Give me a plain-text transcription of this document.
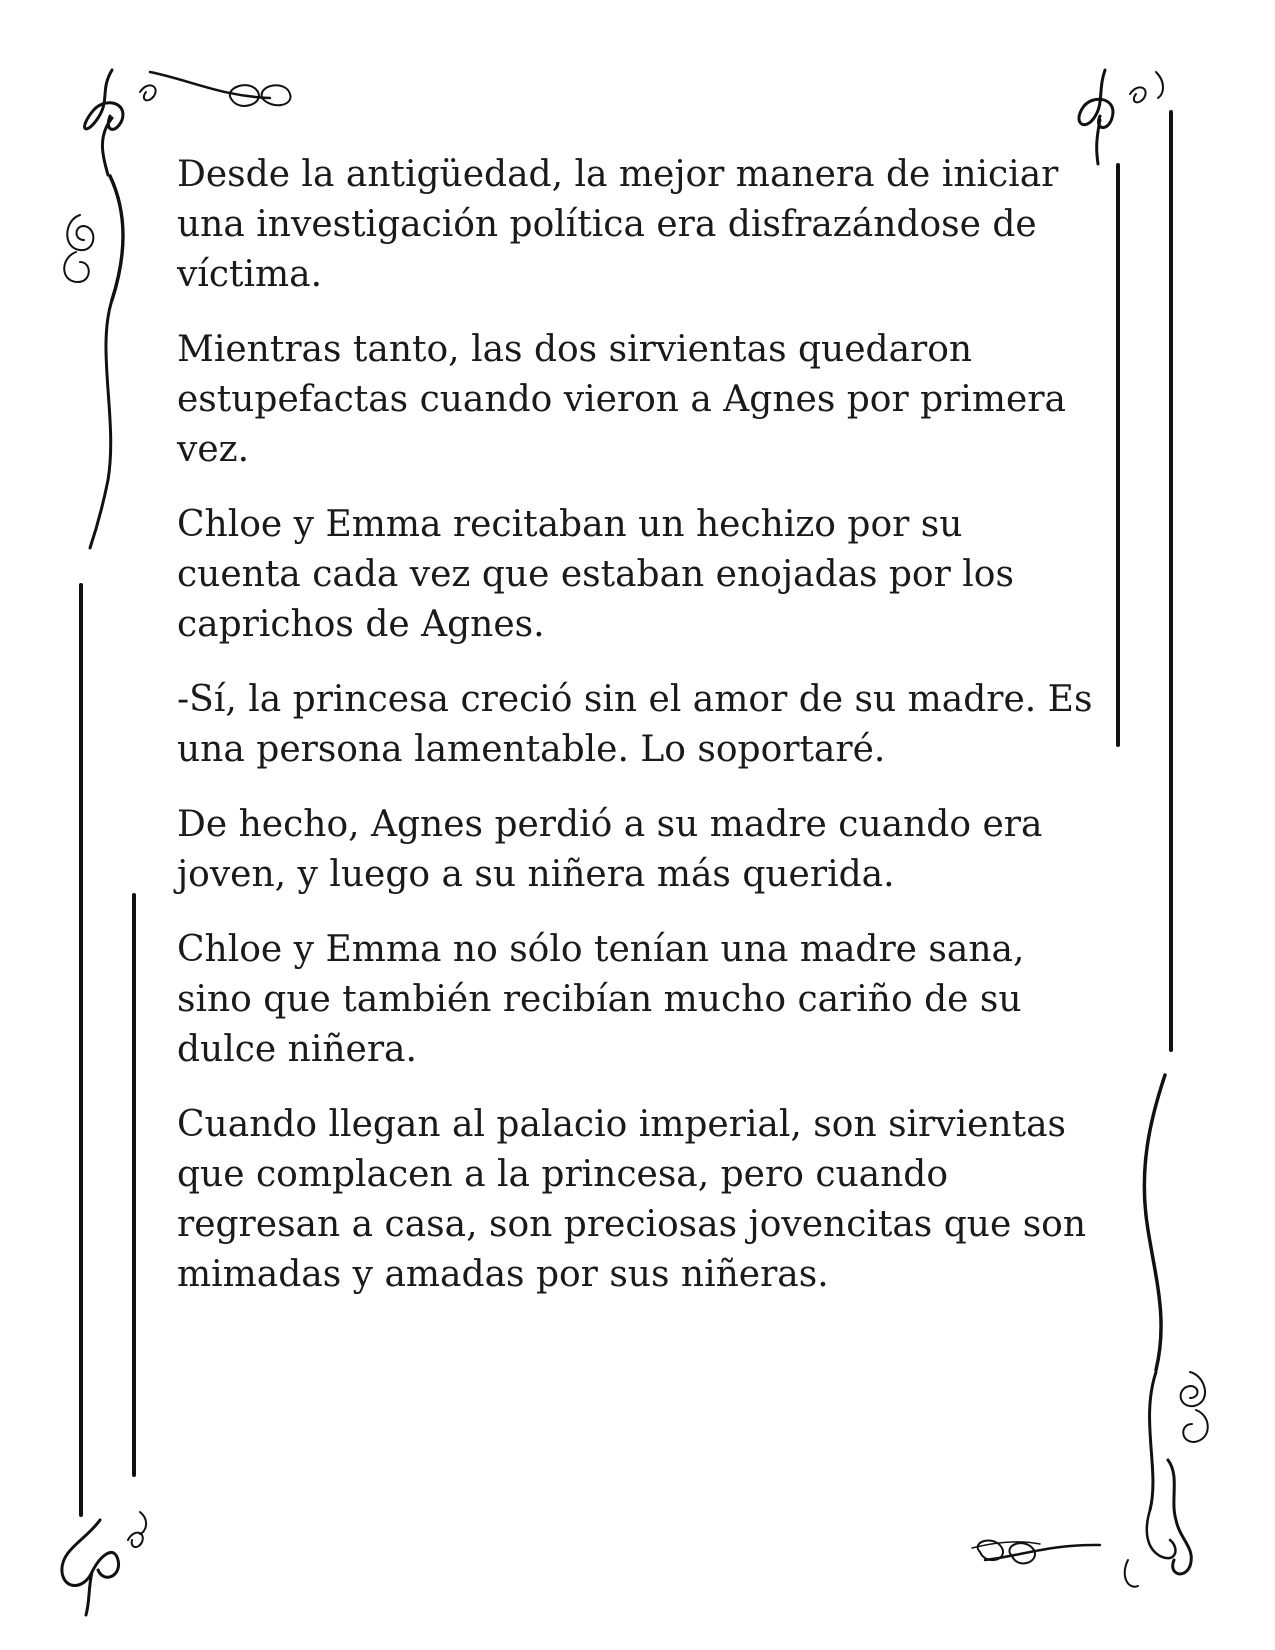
Desde la antigüedad, la mejor manera de iniciar una investigación política era disfrazándose de víctima.

Mientras tanto, las dos sirvientas quedaron estupefactas cuando vieron a Agnes por primera vez.

Chloe y Emma recitaban un hechizo por su cuenta cada vez que estaban enojadas por los caprichos de Agnes.

-Sí, la princesa creció sin el amor de su madre. Es una persona lamentable. Lo soportaré.

De hecho, Agnes perdió a su madre cuando era joven, y luego a su niñera más querida.

Chloe y Emma no sólo tenían una madre sana, sino que también recibían mucho cariño de su dulce niñera.

Cuando llegan al palacio imperial, son sirvientas que complacen a la princesa, pero cuando regresan a casa, son preciosas jovencitas que son mimadas y amadas por sus niñeras.
